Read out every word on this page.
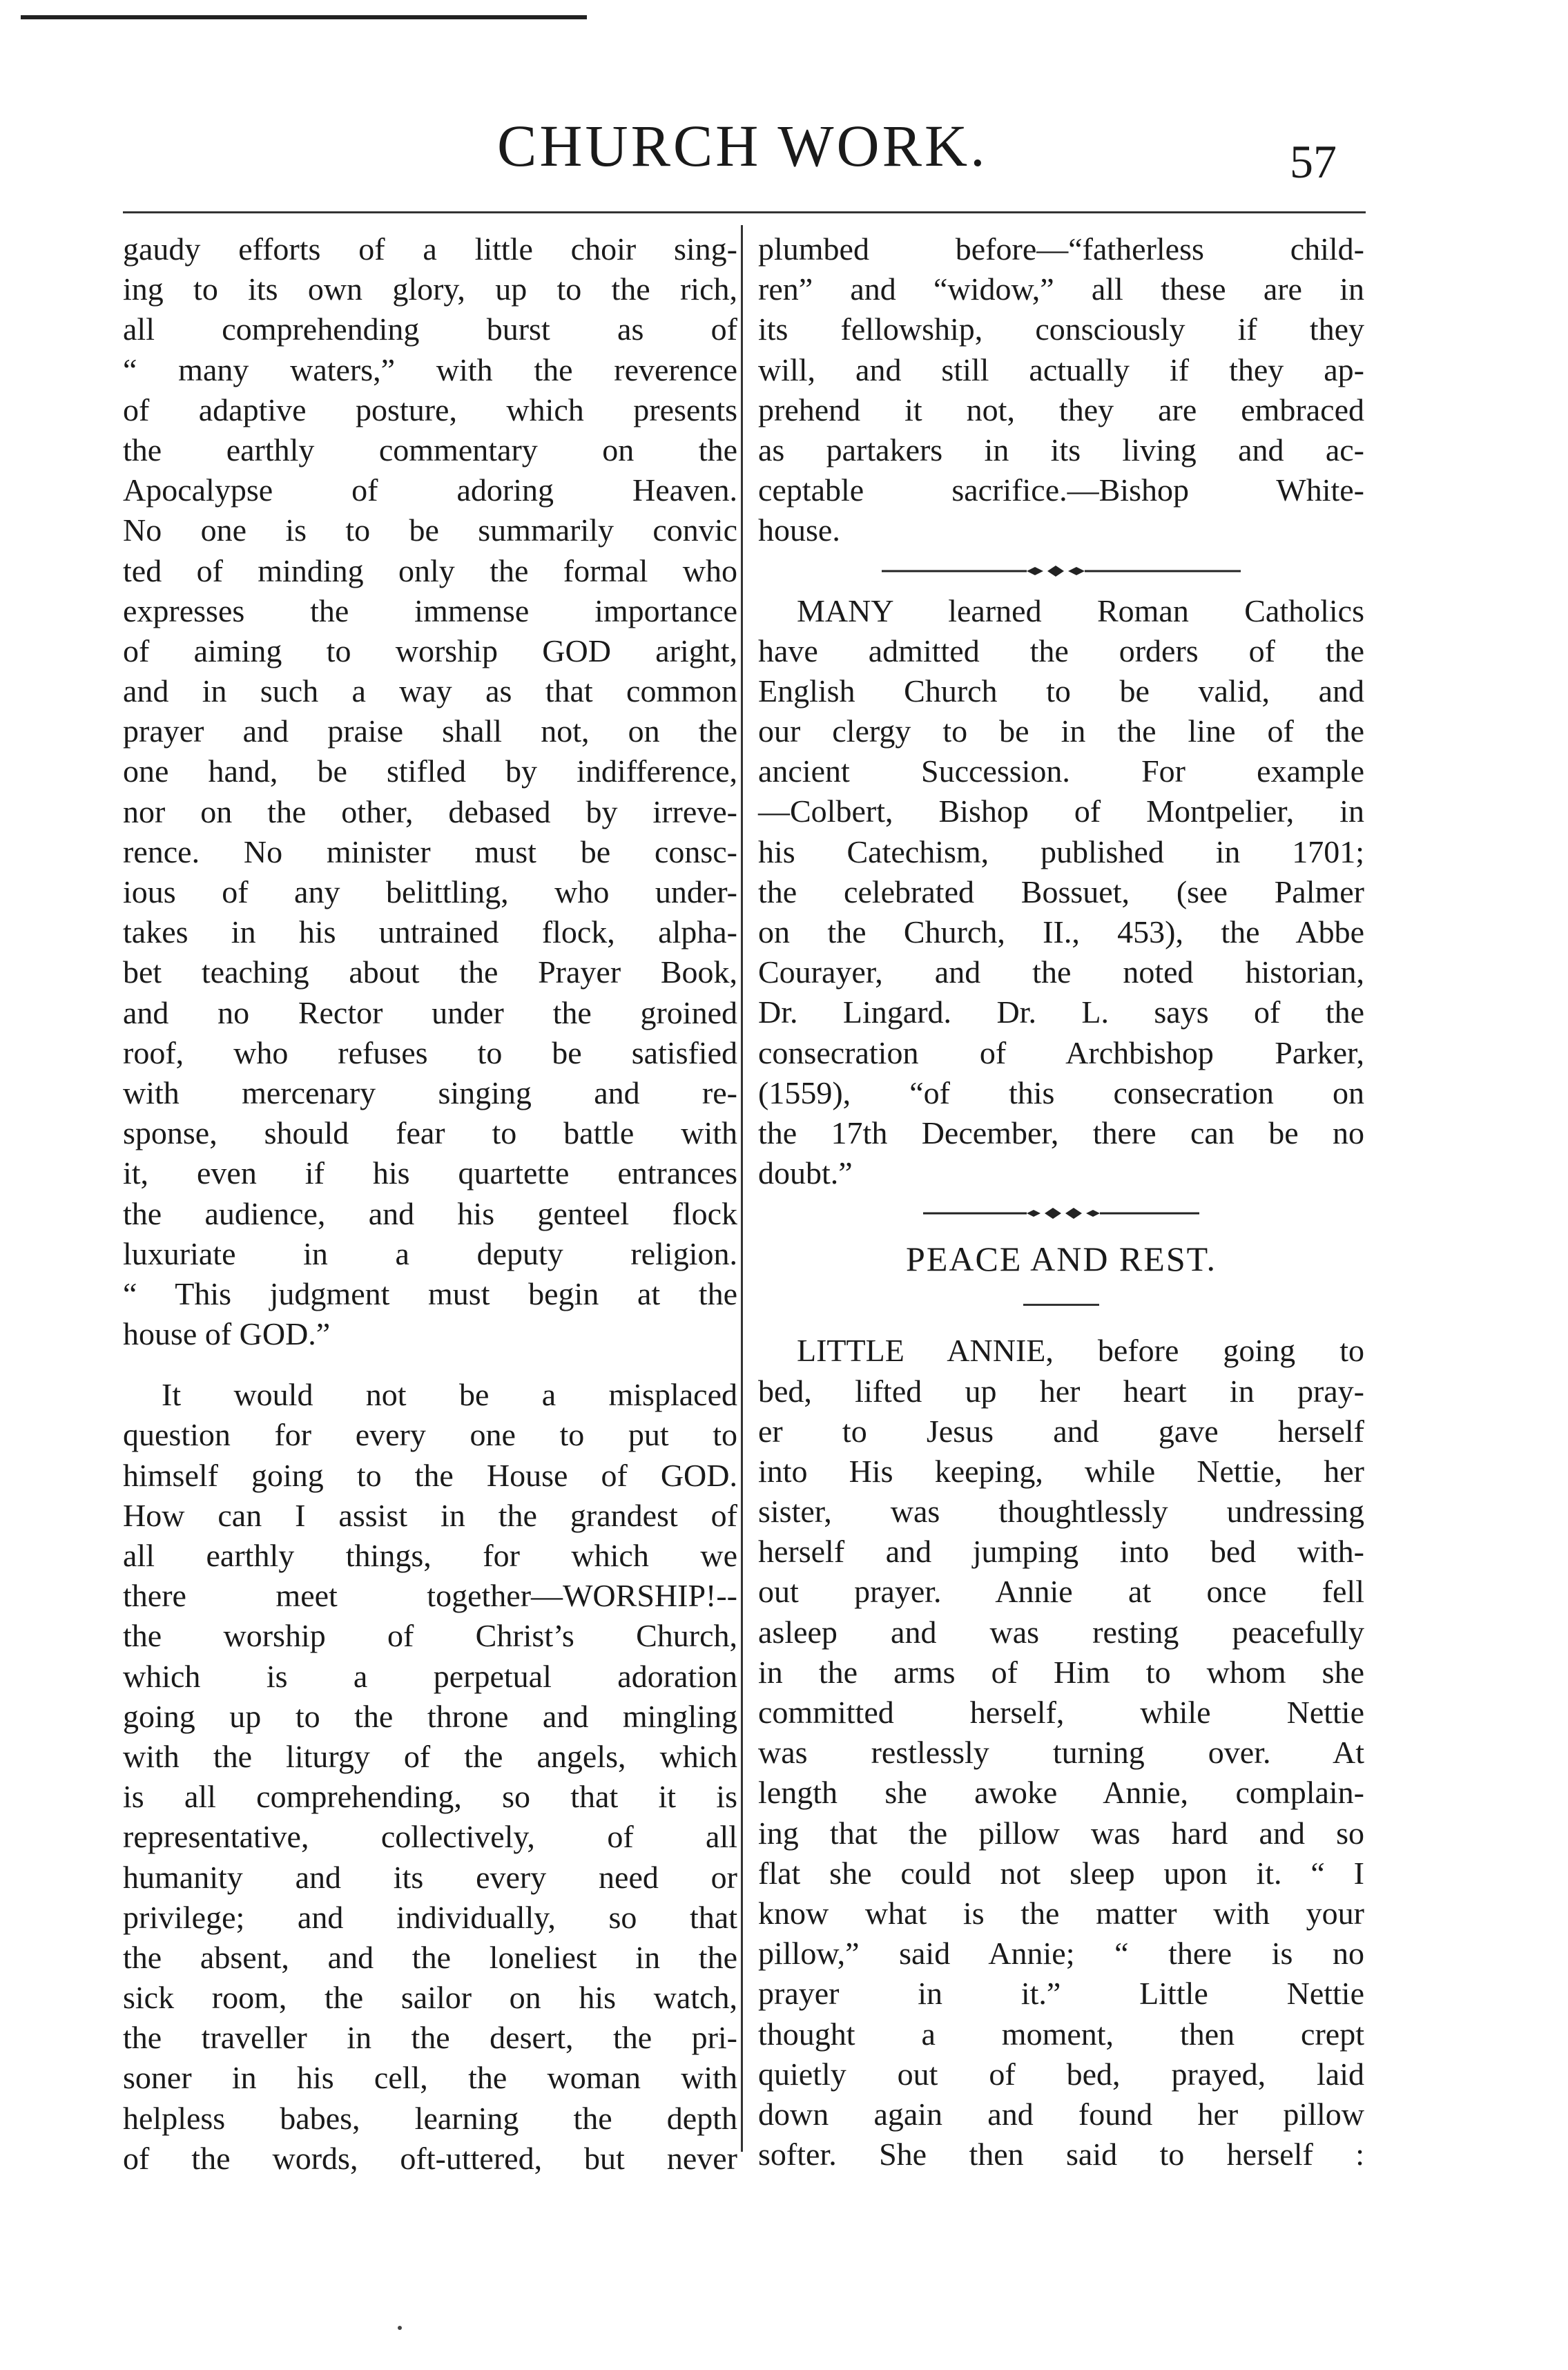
CHURCH WORK.	57
gaudy efforts of a little choir sing-
ing to its own glory, up to the rich,
all comprehending burst as of
“ many waters,” with the reverence
of adaptive posture, which presents
the earthly commentary on the
Apocalypse of adoring Heaven.
No one is to be summarily convic
ted of minding only the formal who
expresses the immense importance
of aiming to worship GOD aright,
and in such a way as that common
prayer and praise shall not, on the
one hand, be stifled by indifference,
nor on the other, debased by irreve-
rence. No minister must be consc-
ious of any belittling, who under-
takes in his untrained flock, alpha-
bet teaching about the Prayer Book,
and no Rector under the groined
roof, who refuses to be satisfied
with mercenary singing and re-
sponse, should fear to battle with
it, even if his quartette entrances
the audience, and his genteel flock
luxuriate in a deputy religion.
“ This judgment must begin at the
house of GOD.”
It would not be a misplaced
question for every one to put to
himself going to the House of GOD.
How can I assist in the grandest of
all earthly things, for which we
there meet together—WORSHIP!--
the worship of Christ’s Church,
which is a perpetual adoration
going up to the throne and mingling
with the liturgy of the angels, which
is all comprehending, so that it is
representative, collectively, of all
humanity and its every need or
privilege; and individually, so that
the absent, and the loneliest in the
sick room, the sailor on his watch,
the traveller in the desert, the pri-
soner in his cell, the woman with
helpless babes, learning the depth
of the words, oft-uttered, but never
plumbed before—“fatherless child-
ren” and “widow,” all these are in
its fellowship, consciously if they
will, and still actually if they ap-
prehend it not, they are embraced
as partakers in its living and ac-
ceptable sacrifice.—Bishop White-
house.
MANY learned Roman Catholics
have admitted the orders of the
English Church to be valid, and
our clergy to be in the line of the
ancient Succession. For example
—Colbert, Bishop of Montpelier, in
his Catechism, published in 1701;
the celebrated Bossuet, (see Palmer
on the Church, II., 453), the Abbe
Courayer, and the noted historian,
Dr. Lingard. Dr. L. says of the
consecration of Archbishop Parker,
(1559), “of this consecration on
the 17th December, there can be no
doubt.”
PEACE AND REST.
LITTLE ANNIE, before going to
bed, lifted up her heart in pray-
er to Jesus and gave herself
into His keeping, while Nettie, her
sister, was thoughtlessly undressing
herself and jumping into bed with-
out prayer. Annie at once fell
asleep and was resting peacefully
in the arms of Him to whom she
committed herself, while Nettie
was restlessly turning over. At
length she awoke Annie, complain-
ing that the pillow was hard and so
flat she could not sleep upon it. “ I
know what is the matter with your
pillow,” said Annie; “ there is no
prayer in it.” Little Nettie
thought a moment, then crept
quietly out of bed, prayed, laid
down again and found her pillow
softer. She then said to herself :
